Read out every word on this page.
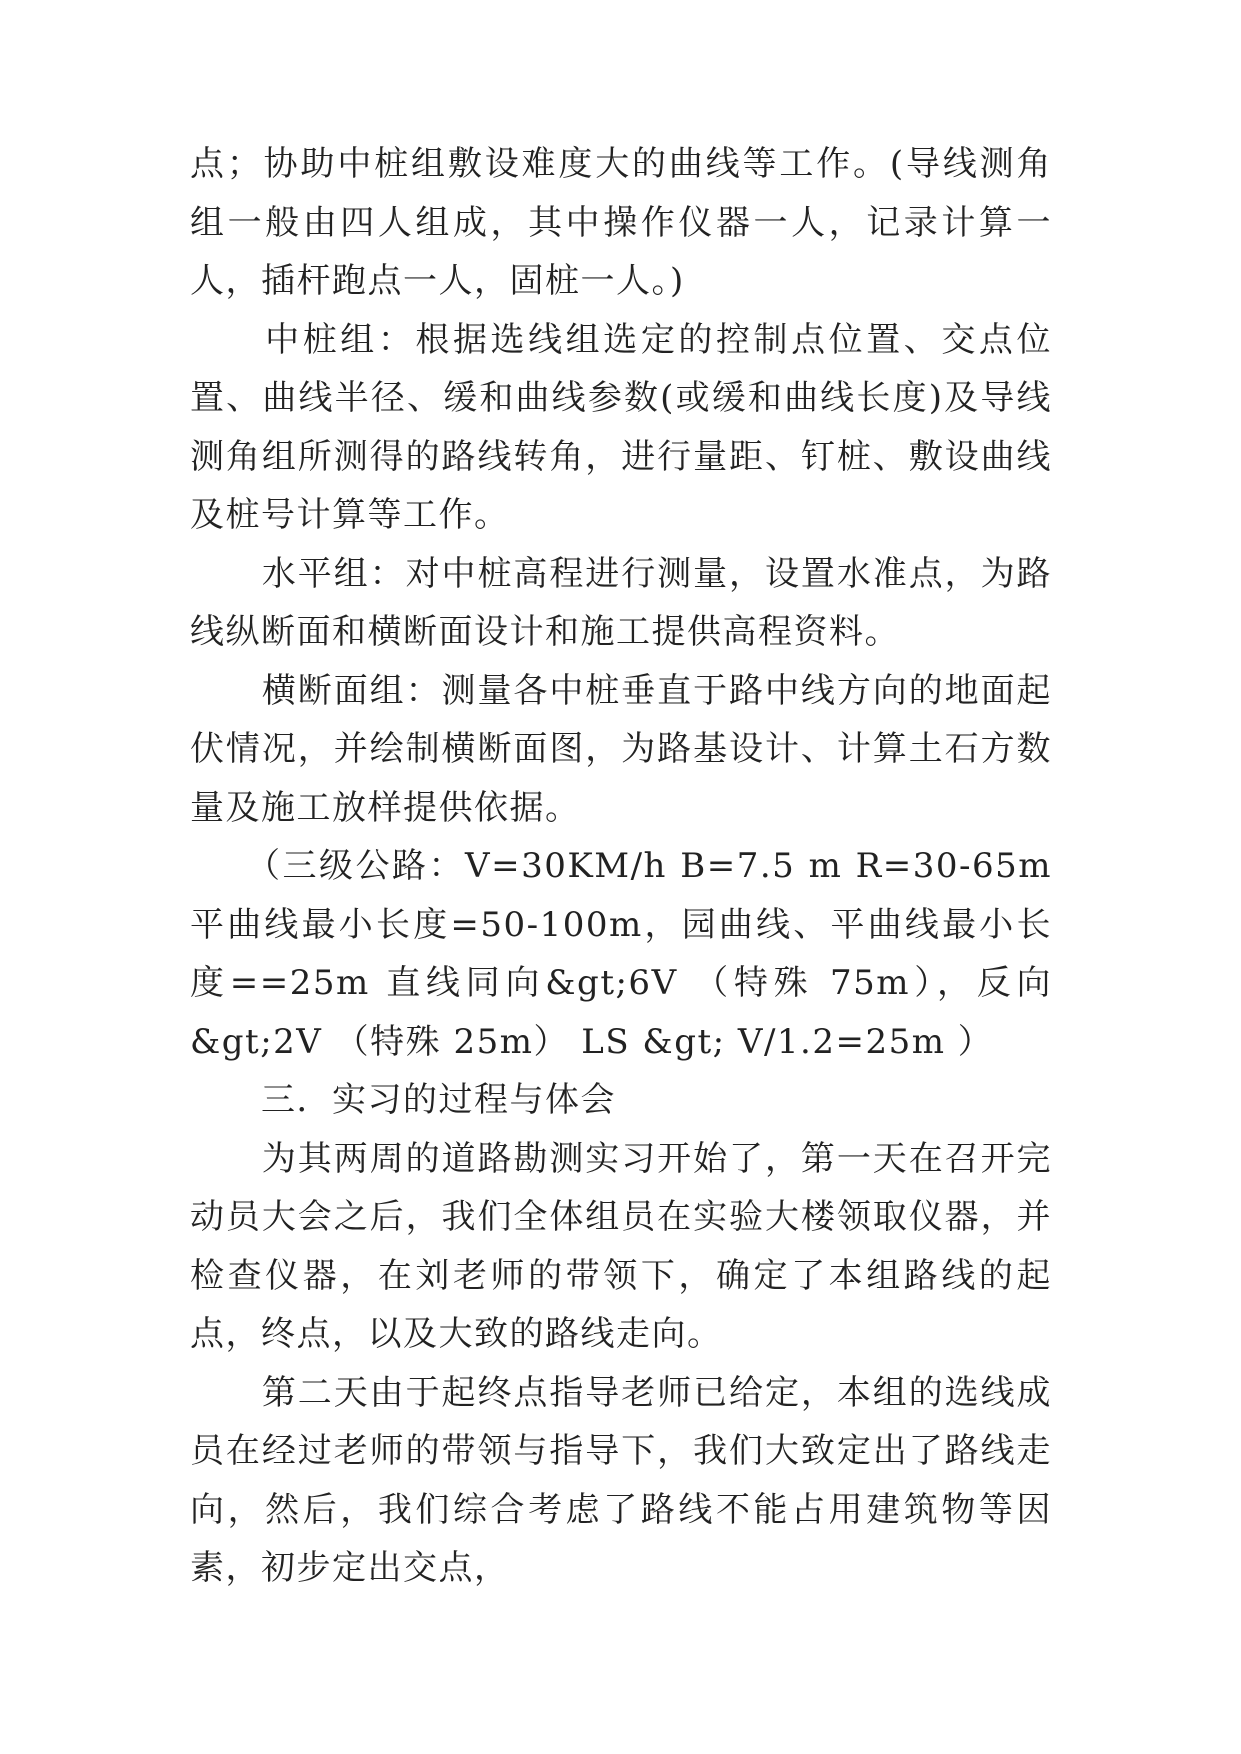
点；协助中桩组敷设难度大的曲线等工作。(导线测角组一般由四人组成，其中操作仪器一人，记录计算一人，插杆跑点一人，固桩一人。)

　　中桩组：根据选线组选定的控制点位置、交点位置、曲线半径、缓和曲线参数(或缓和曲线长度)及导线测角组所测得的路线转角，进行量距、钉桩、敷设曲线及桩号计算等工作。

　　水平组：对中桩高程进行测量，设置水准点，为路线纵断面和横断面设计和施工提供高程资料。

　　横断面组：测量各中桩垂直于路中线方向的地面起伏情况，并绘制横断面图，为路基设计、计算土石方数量及施工放样提供依据。

　　（三级公路：V=30KM/h B=7.5 m R=30-65m 平曲线最小长度=50-100m，园曲线、平曲线最小长度==25m 直线同向&gt;6V （特殊 75m），反向&gt;2V （特殊 25m） LS &gt; V/1.2=25m ）

　　三．实习的过程与体会

　　为其两周的道路勘测实习开始了，第一天在召开完动员大会之后，我们全体组员在实验大楼领取仪器，并检查仪器，在刘老师的带领下，确定了本组路线的起点，终点，以及大致的路线走向。

　　第二天由于起终点指导老师已给定，本组的选线成员在经过老师的带领与指导下，我们大致定出了路线走向，然后，我们综合考虑了路线不能占用建筑物等因素，初步定出交点，
